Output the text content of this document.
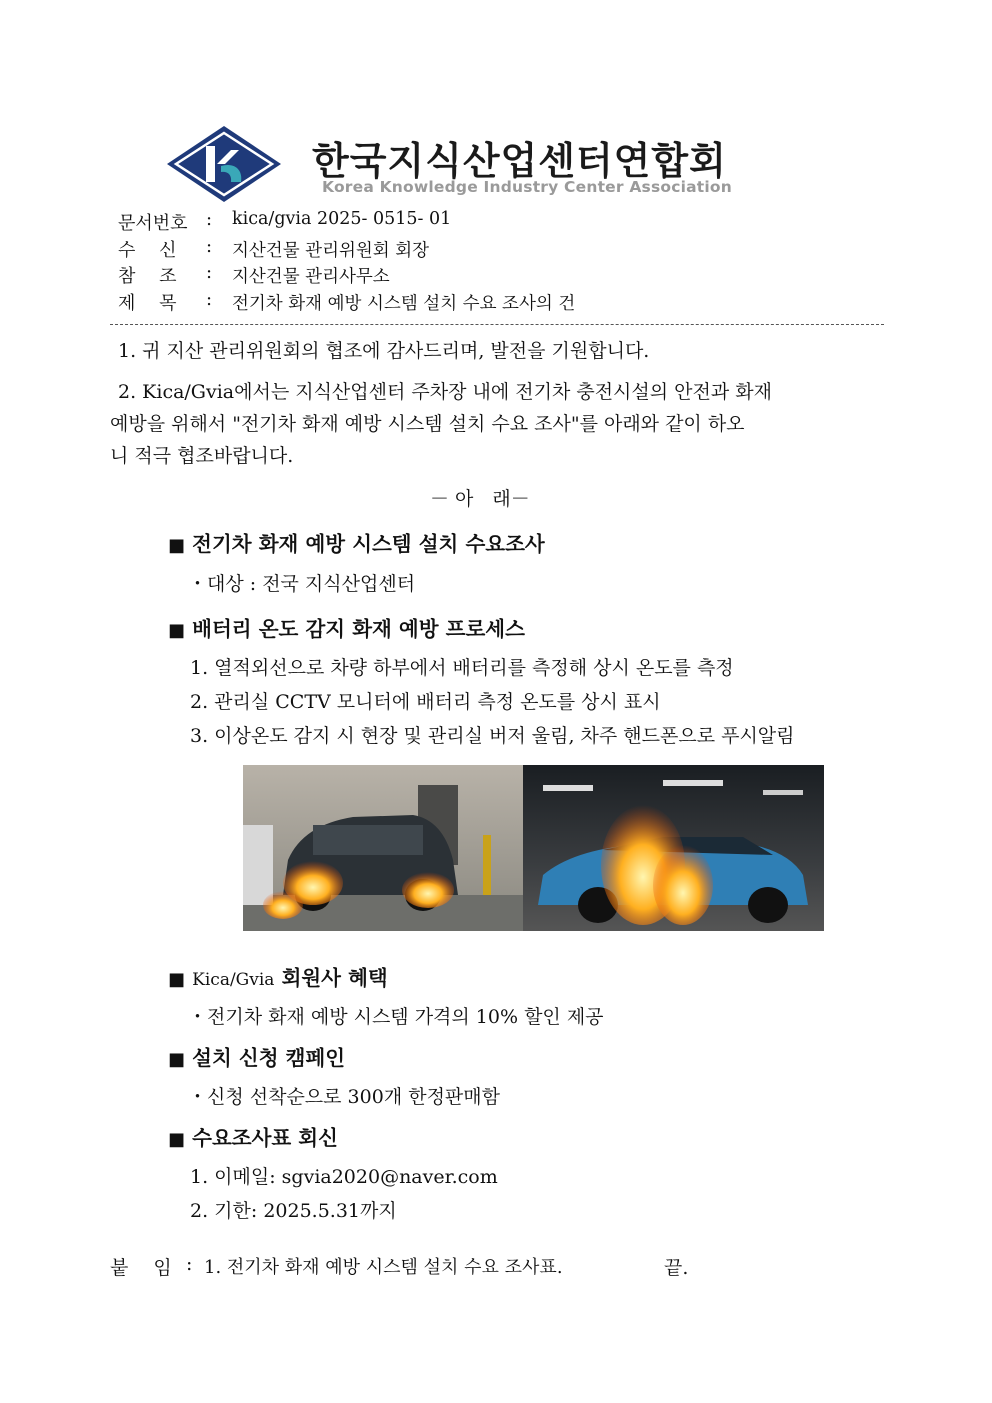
한국지식산업센터연합회
Korea Knowledge Industry Center Association
문서번호 : kica/gvia 2025- 0515- 01
수　 신 : 지산건물 관리위원회 회장
참　 조 : 지산건물 관리사무소
제　 목 : 전기차 화재 예방 시스템 설치 수요 조사의 건
1. 귀 지산 관리위원회의 협조에 감사드리며, 발전을 기원합니다.
2. Kica/Gvia에서는 지식산업센터 주차장 내에 전기차 충전시설의 안전과 화재
예방을 위해서 "전기차 화재 예방 시스템 설치 수요 조사"를 아래와 같이 하오
니 적극 협조바랍니다.
－ 아　래－
■ 전기차 화재 예방 시스템 설치 수요조사
・대상 : 전국 지식산업센터
■ 배터리 온도 감지 화재 예방 프로세스
1. 열적외선으로 차량 하부에서 배터리를 측정해 상시 온도를 측정
2. 관리실 CCTV 모니터에 배터리 측정 온도를 상시 표시
3. 이상온도 감지 시 현장 및 관리실 버저 울림, 차주 핸드폰으로 푸시알림
■ Kica/Gvia 회원사 혜택
・전기차 화재 예방 시스템 가격의 10% 할인 제공
■ 설치 신청 캠페인
・신청 선착순으로 300개 한정판매함
■ 수요조사표 회신
1. 이메일: sgvia2020@naver.com
2. 기한: 2025.5.31까지
붙　 임 : 1. 전기차 화재 예방 시스템 설치 수요 조사표.	끝.
